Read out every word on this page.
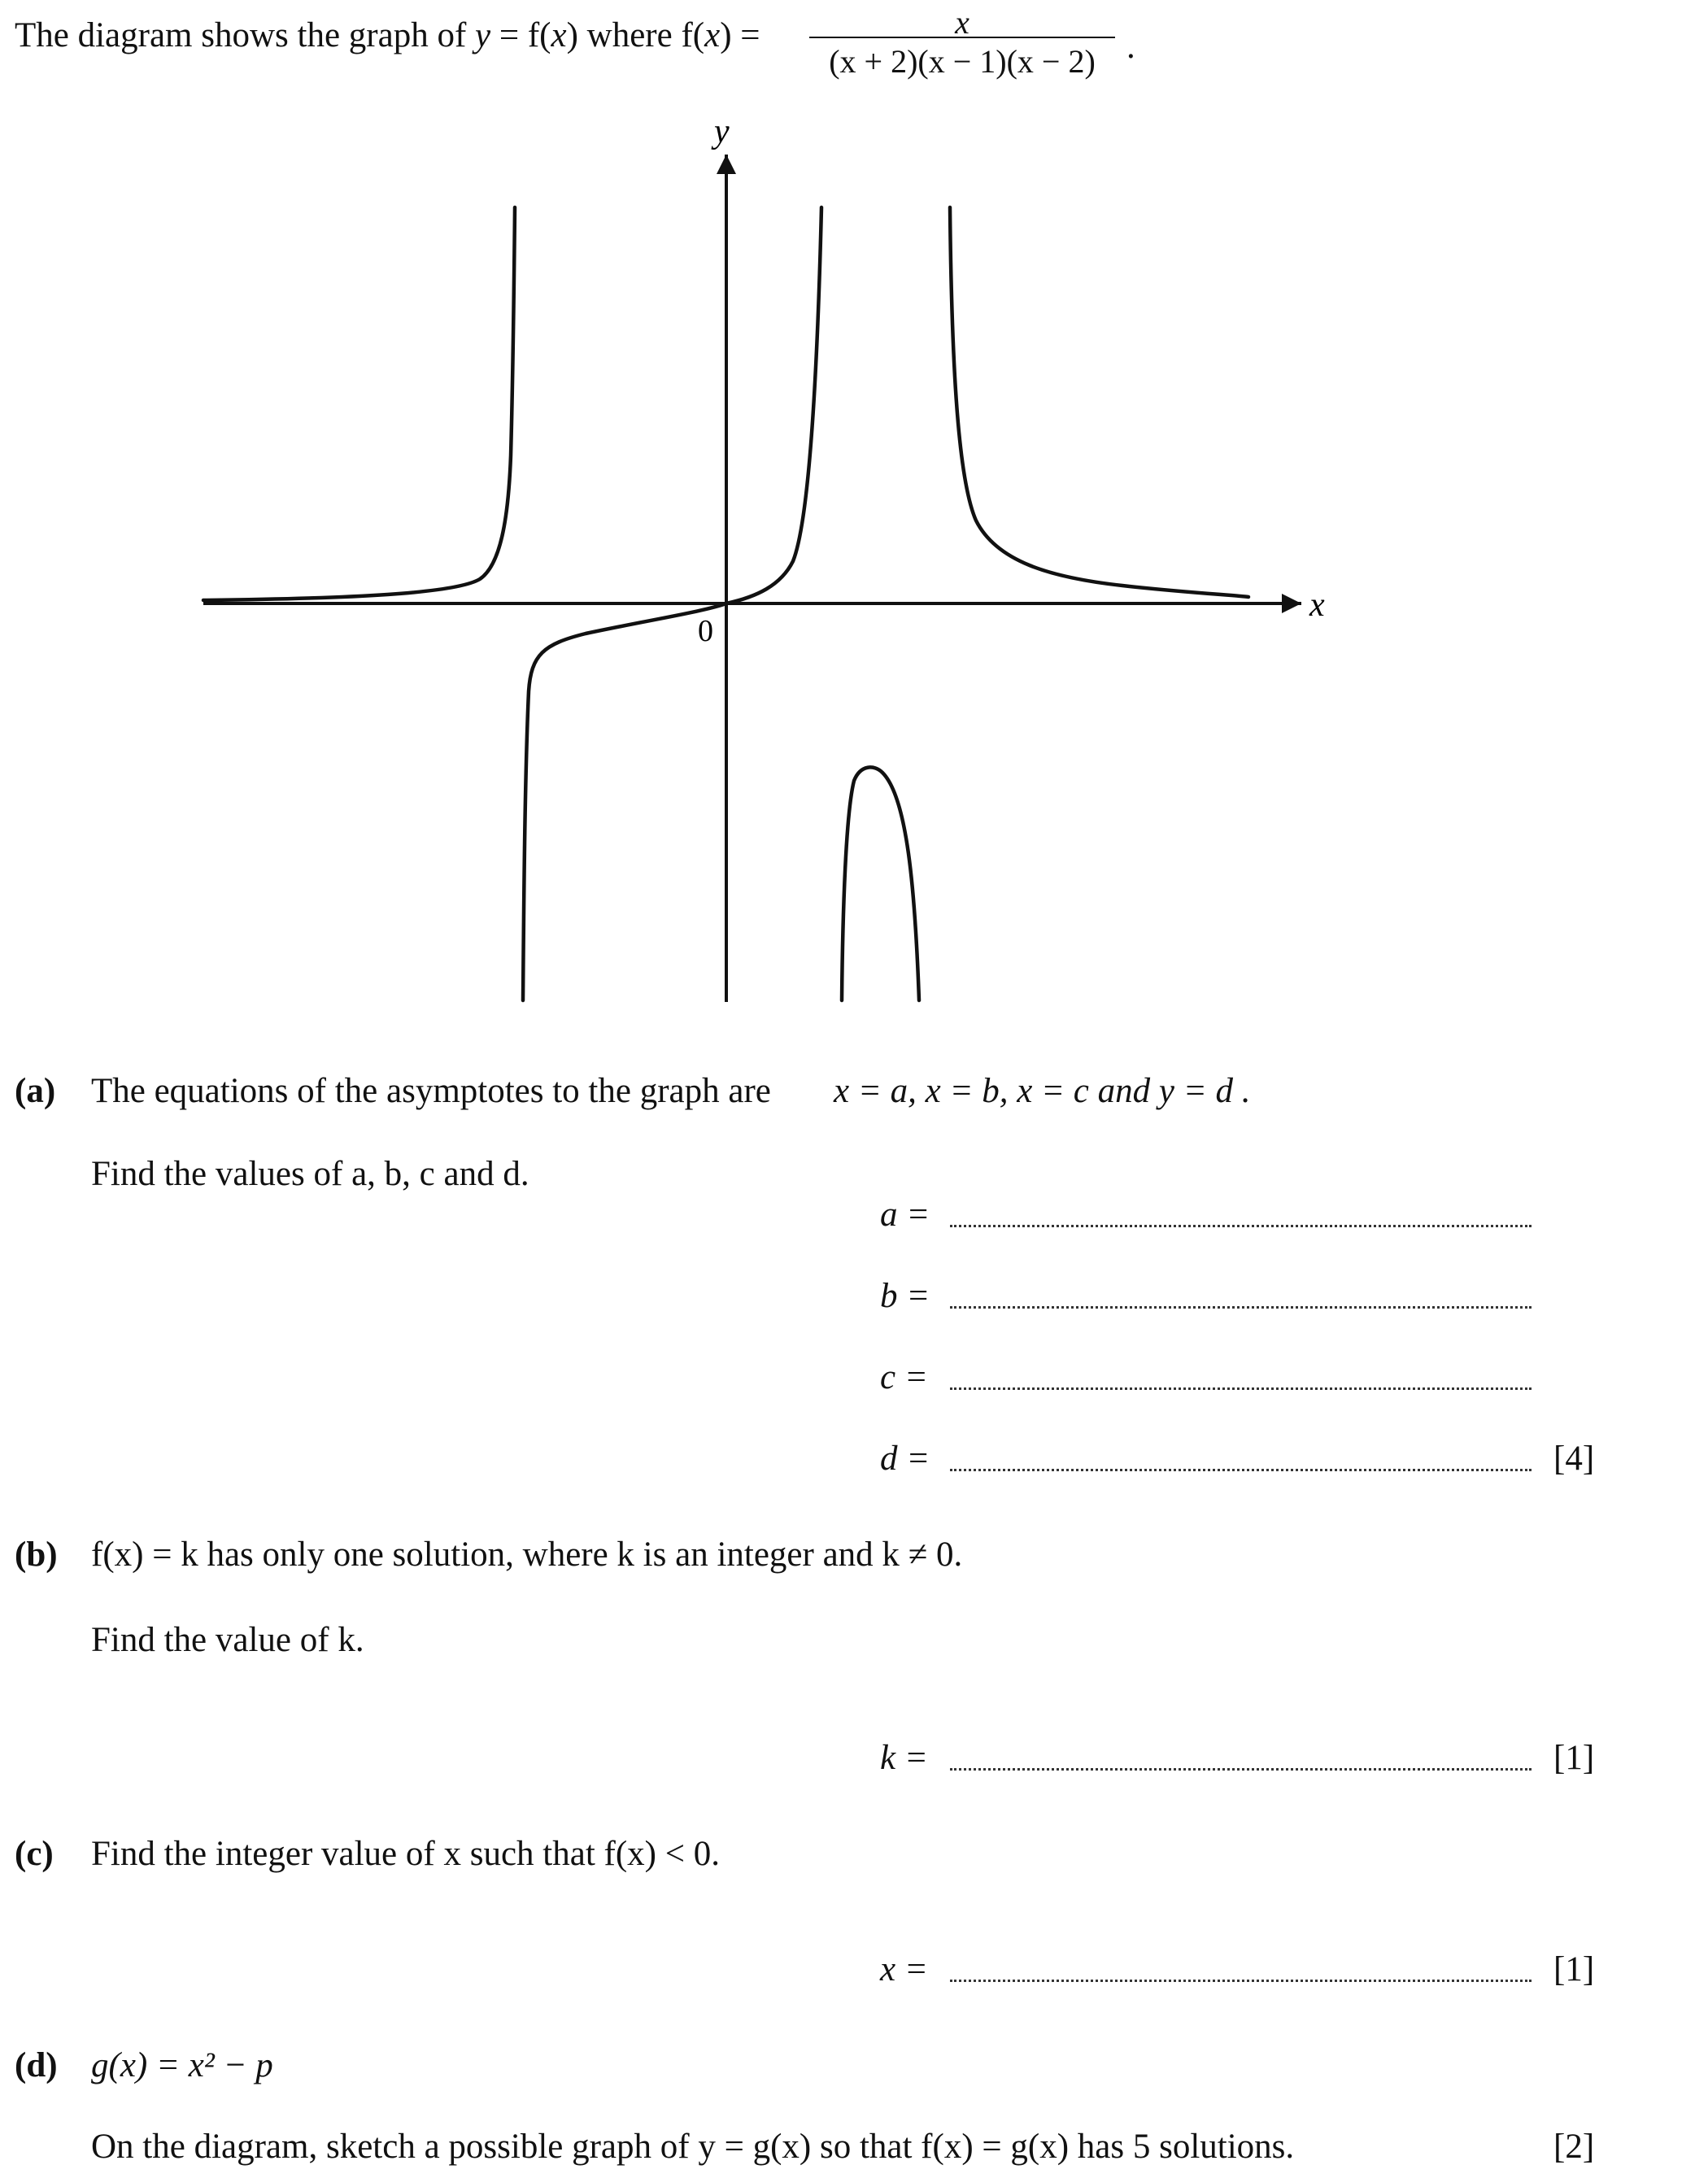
The diagram shows the graph of y = f(x) where f(x) =	x
(x + 2)(x − 1)(x − 2) .
x
y
0
(a) The equations of the asymptotes to the graph are x = a, x = b, x = c and y = d .
Find the values of a, b, c and d.
a =
b =
c =
d =	[4]
(b) f(x) = k has only one solution, where k is an integer and k ≠ 0.
Find the value of k.
k =	[1]
(c) Find the integer value of x such that f(x) < 0.
x =	[1]
(d) g(x) = x² − p
On the diagram, sketch a possible graph of y = g(x) so that f(x) = g(x) has 5 solutions.	[2]
